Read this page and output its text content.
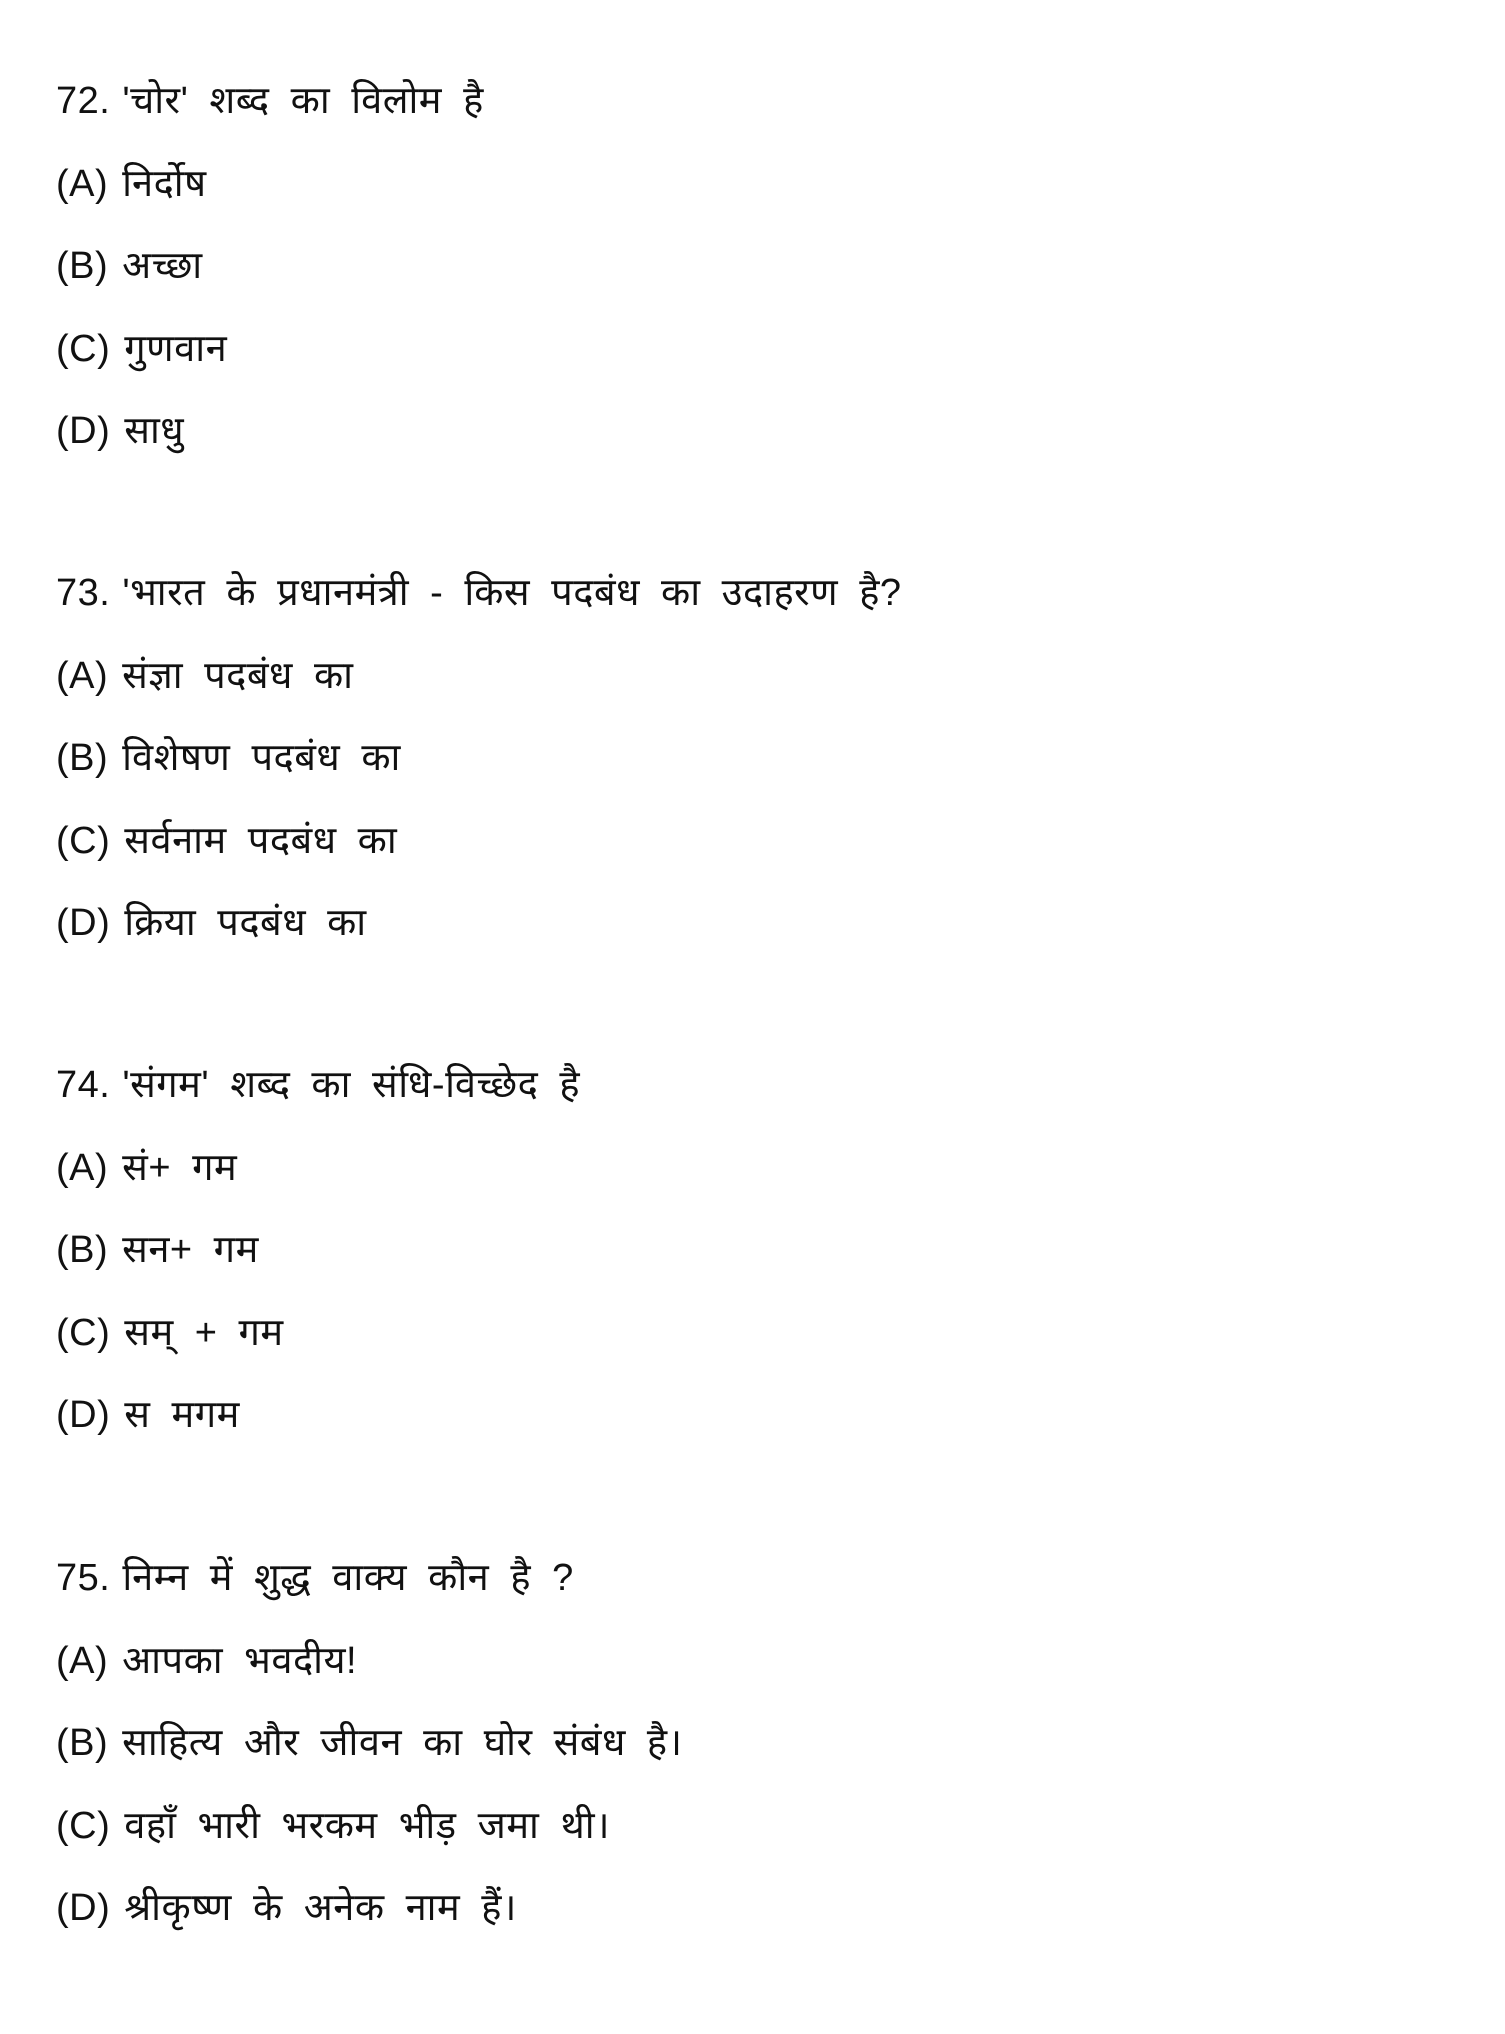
72. 'चोर' शब्द का विलोम है
(A) निर्दोष
(B) अच्छा
(C) गुणवान
(D) साधु
73. 'भारत के प्रधानमंत्री - किस पदबंध का उदाहरण है?
(A) संज्ञा पदबंध का
(B) विशेषण पदबंध का
(C) सर्वनाम पदबंध का
(D) क्रिया पदबंध का
74. 'संगम' शब्द का संधि-विच्छेद है
(A) सं+ गम
(B) सन+ गम
(C) सम् + गम
(D) स मगम
75. निम्न में शुद्ध वाक्य कौन है ?
(A) आपका भवदीय!
(B) साहित्य और जीवन का घोर संबंध है।
(C) वहाँ भारी भरकम भीड़ जमा थी।
(D) श्रीकृष्ण के अनेक नाम हैं।
